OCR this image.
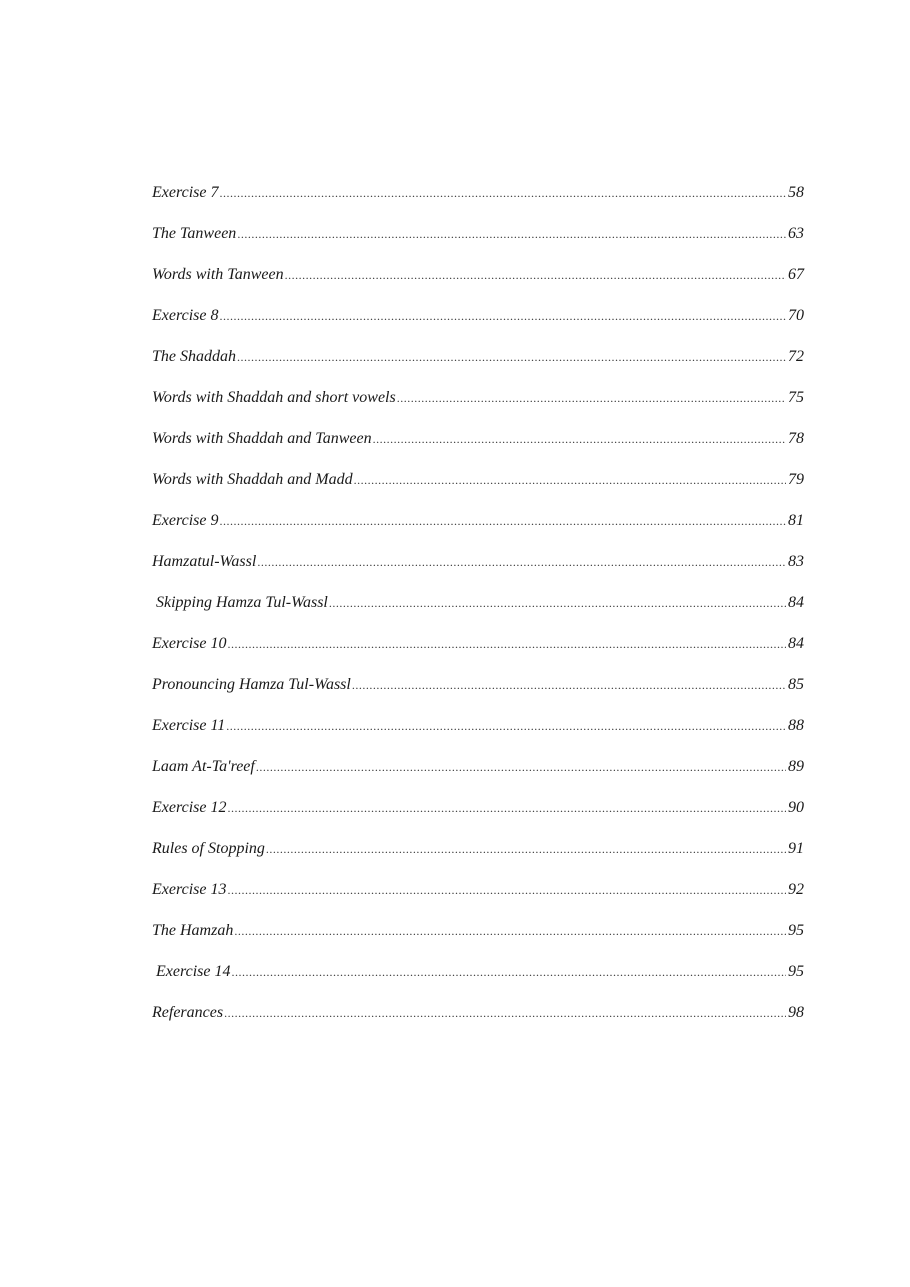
Exercise 7 .....	58
The Tanween .....	63
Words with Tanween .....	67
Exercise 8 .....	70
The Shaddah .....	72
Words with Shaddah and short vowels .....	75
Words with Shaddah and Tanween .....	78
Words with Shaddah and Madd .....	79
Exercise 9 .....	81
Hamzatul-Wassl .....	83
Skipping Hamza Tul-Wassl .....	84
Exercise 10 .....	84
Pronouncing Hamza Tul-Wassl .....	85
Exercise 11 .....	88
Laam At-Ta'reef .....	89
Exercise 12 .....	90
Rules of Stopping .....	91
Exercise 13 .....	92
The Hamzah .....	95
Exercise 14 .....	95
Referances .....	98
